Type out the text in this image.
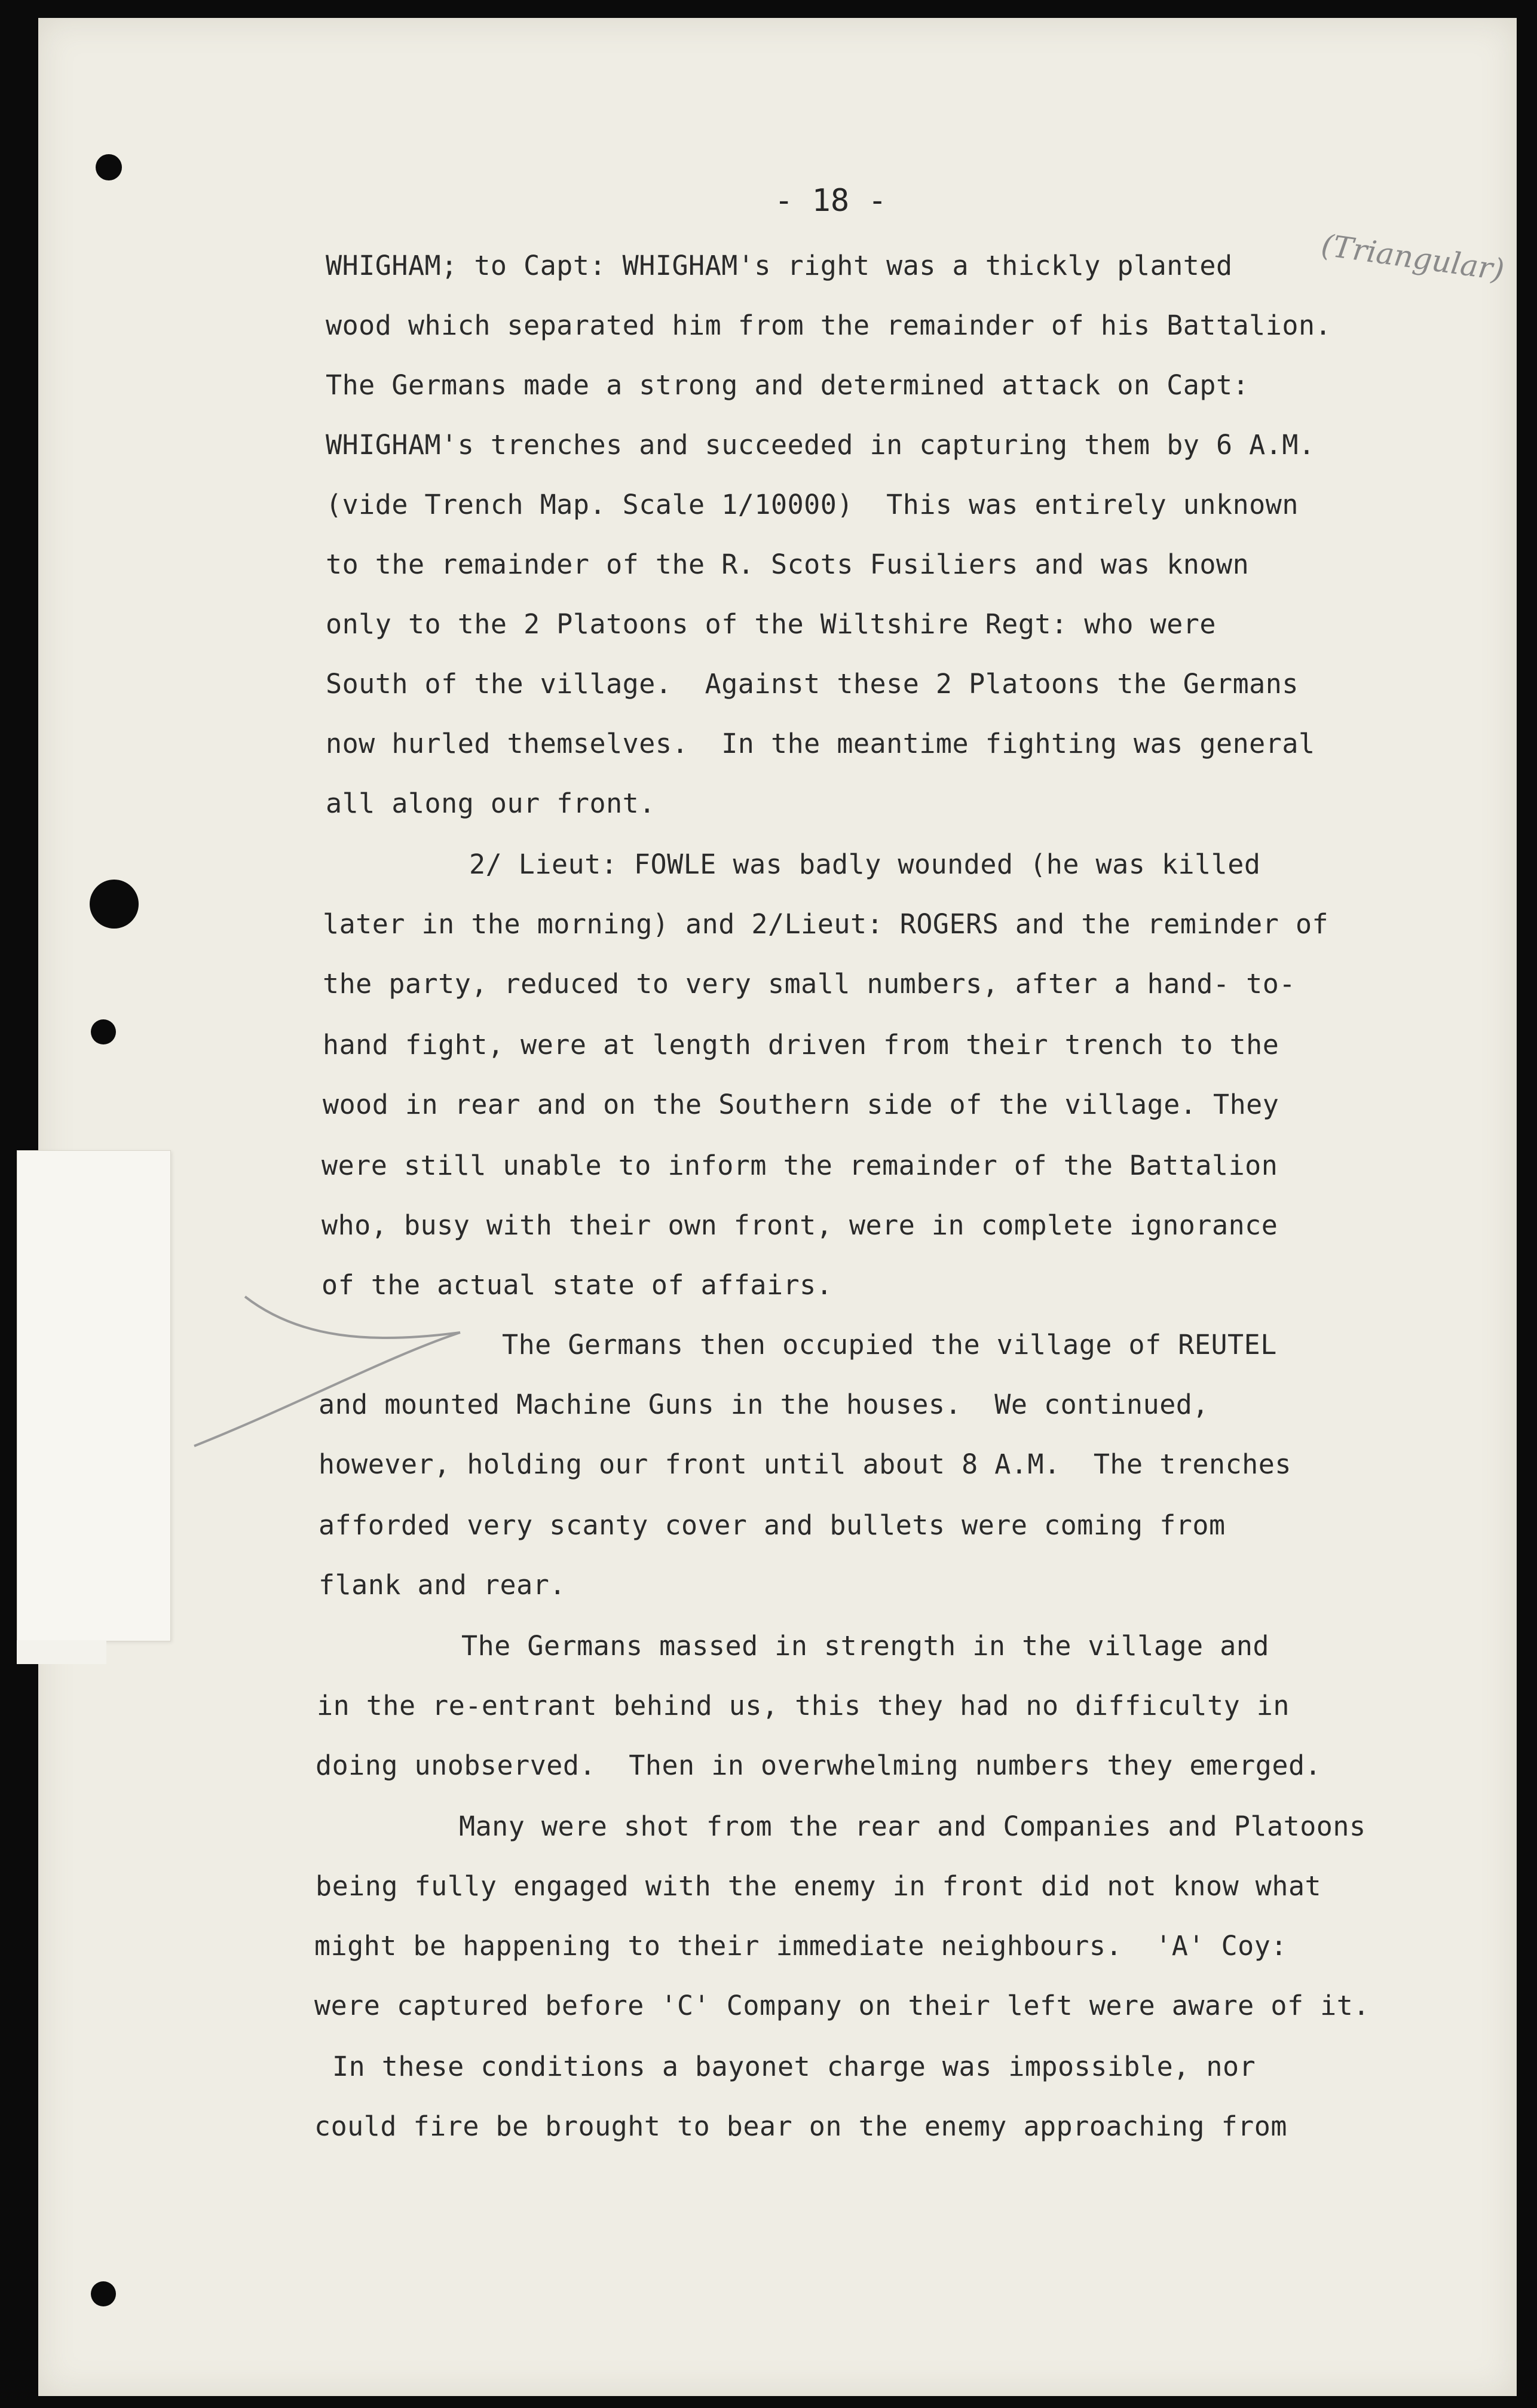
- 18 -
(Triangular)
WHIGHAM; to Capt: WHIGHAM's right was a thickly planted
wood which separated him from the remainder of his Battalion.
The Germans made a strong and determined attack on Capt:
WHIGHAM's trenches and succeeded in capturing them by 6 A.M.
(vide Trench Map. Scale 1/10000)  This was entirely unknown
to the remainder of the R. Scots Fusiliers and was known
only to the 2 Platoons of the Wiltshire Regt: who were
South of the village.  Against these 2 Platoons the Germans
now hurled themselves.  In the meantime fighting was general
all along our front.
2/ Lieut: FOWLE was badly wounded (he was killed
later in the morning) and 2/Lieut: ROGERS and the reminder of
the party, reduced to very small numbers, after a hand- to-
hand fight, were at length driven from their trench to the
wood in rear and on the Southern side of the village. They
were still unable to inform the remainder of the Battalion
who, busy with their own front, were in complete ignorance
of the actual state of affairs.
The Germans then occupied the village of REUTEL
and mounted Machine Guns in the houses.  We continued,
however, holding our front until about 8 A.M.  The trenches
afforded very scanty cover and bullets were coming from
flank and rear.
The Germans massed in strength in the village and
in the re-entrant behind us, this they had no difficulty in
doing unobserved.  Then in overwhelming numbers they emerged.
Many were shot from the rear and Companies and Platoons
being fully engaged with the enemy in front did not know what
might be happening to their immediate neighbours.  'A' Coy:
were captured before 'C' Company on their left were aware of it.
In these conditions a bayonet charge was impossible, nor
could fire be brought to bear on the enemy approaching from
